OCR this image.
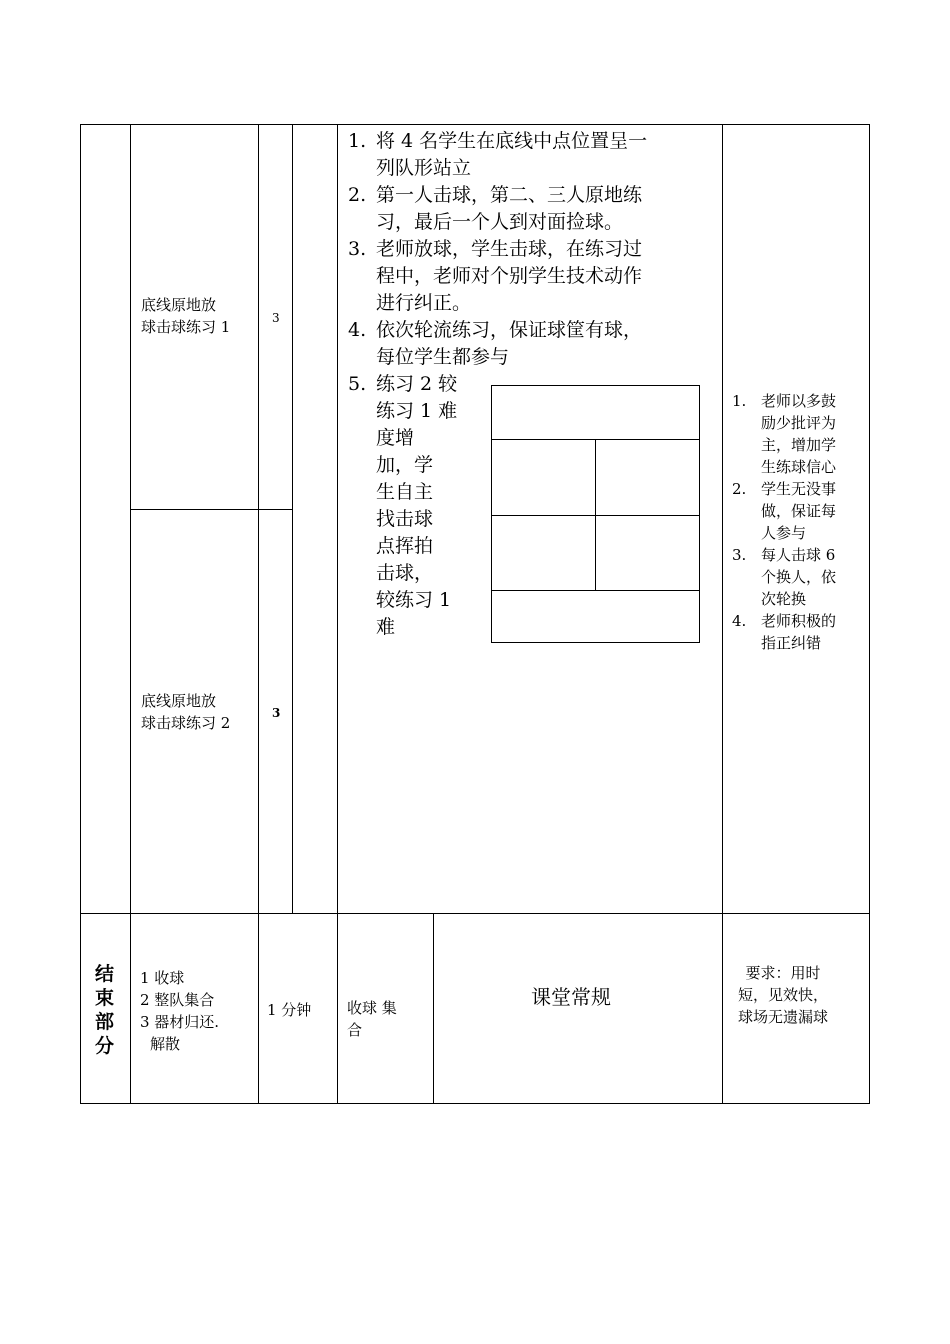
底线原地放
球击球练习 1	3
底线原地放
球击球练习 2
3
1. 将 4 名学生在底线中点位置呈一
列队形站立
2. 第一人击球，第二、三人原地练
习，最后一个人到对面捡球。
3. 老师放球，学生击球，在练习过
程中，老师对个别学生技术动作
进行纠正。
4. 依次轮流练习，保证球筐有球，
每位学生都参与
5. 练习 2 较
练习 1 难
度增
加，学
生自主
找击球
点挥拍
击球，
较练习 1
难
1. 老师以多鼓
励少批评为
主，增加学
生练球信心
2. 学生无没事
做，保证每
人参与
3. 每人击球 6
个换人，依
次轮换
4. 老师积极的
指正纠错
结
束
部
分
1 收球
2 整队集合
3 器材归还.
解散
1 分钟 收球 集
合
课堂常规
要求：用时
短，见效快，
球场无遗漏球
